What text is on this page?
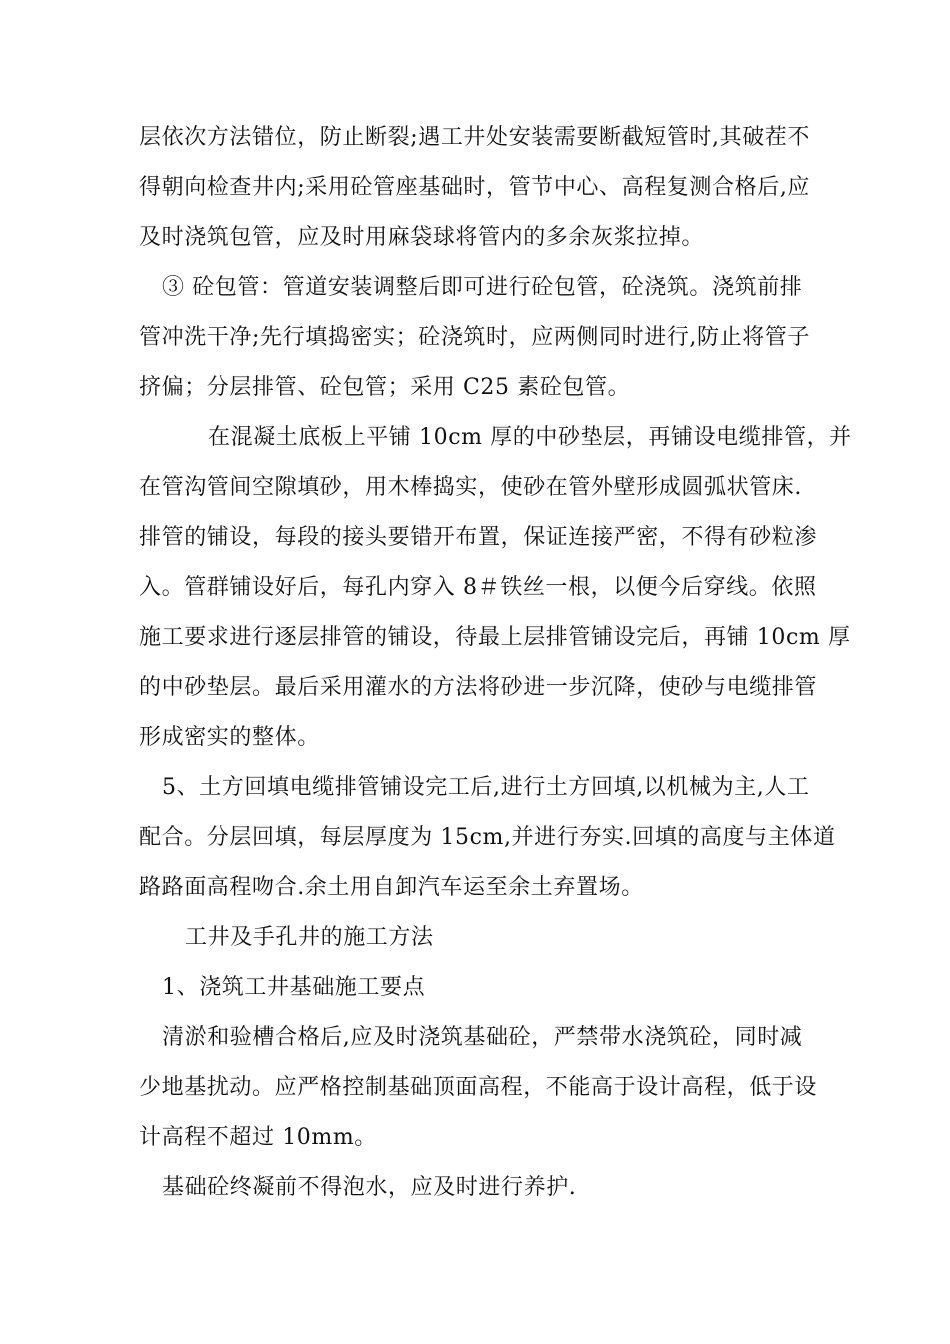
层依次方法错位，防止断裂;遇工井处安装需要断截短管时,其破茬不
得朝向检查井内;采用砼管座基础时，管节中心、高程复测合格后,应
及时浇筑包管，应及时用麻袋球将管内的多余灰浆拉掉。
③ 砼包管：管道安装调整后即可进行砼包管，砼浇筑。浇筑前排
管冲洗干净;先行填捣密实；砼浇筑时，应两侧同时进行,防止将管子
挤偏；分层排管、砼包管；采用 C25 素砼包管。
在混凝土底板上平铺 10cm 厚的中砂垫层，再铺设电缆排管，并
在管沟管间空隙填砂，用木棒捣实，使砂在管外壁形成圆弧状管床.
排管的铺设，每段的接头要错开布置，保证连接严密，不得有砂粒渗
入。管群铺设好后，每孔内穿入 8＃铁丝一根，以便今后穿线。依照
施工要求进行逐层排管的铺设，待最上层排管铺设完后，再铺 10cm 厚
的中砂垫层。最后采用灌水的方法将砂进一步沉降，使砂与电缆排管
形成密实的整体。
5、土方回填电缆排管铺设完工后,进行土方回填,以机械为主,人工
配合。分层回填，每层厚度为 15cm,并进行夯实.回填的高度与主体道
路路面高程吻合.余土用自卸汽车运至余土弃置场。
工井及手孔井的施工方法
1、浇筑工井基础施工要点
清淤和验槽合格后,应及时浇筑基础砼，严禁带水浇筑砼，同时减
少地基扰动。应严格控制基础顶面高程，不能高于设计高程，低于设
计高程不超过 10mm。
基础砼终凝前不得泡水，应及时进行养护.
